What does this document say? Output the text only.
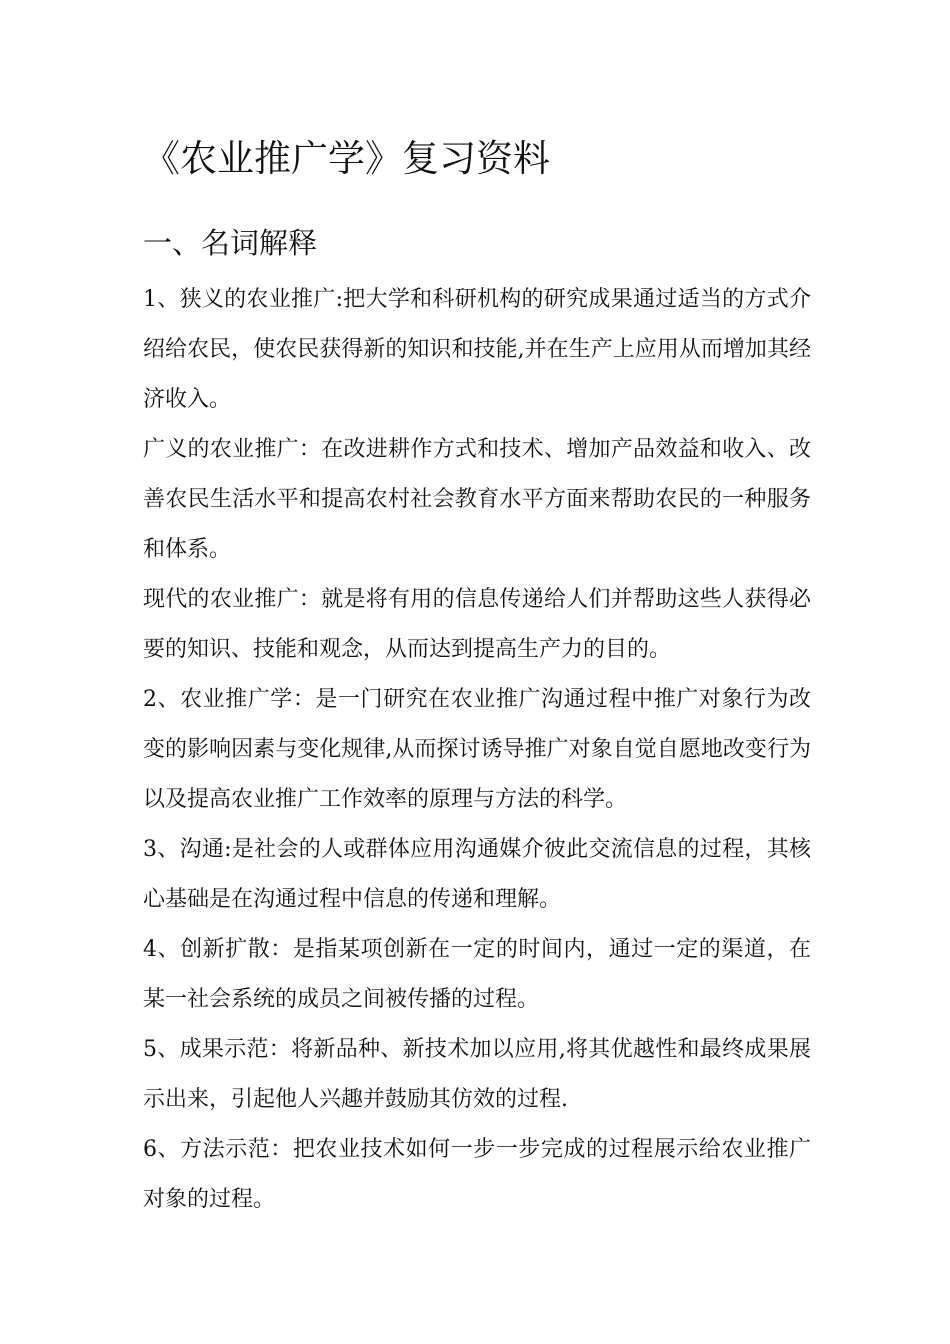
《农业推广学》复习资料
一、名词解释

1、狭义的农业推广:把大学和科研机构的研究成果通过适当的方式介绍给农民，使农民获得新的知识和技能,并在生产上应用从而增加其经济收入。

广义的农业推广：在改进耕作方式和技术、增加产品效益和收入、改善农民生活水平和提高农村社会教育水平方面来帮助农民的一种服务和体系。

现代的农业推广：就是将有用的信息传递给人们并帮助这些人获得必要的知识、技能和观念，从而达到提高生产力的目的。

2、农业推广学：是一门研究在农业推广沟通过程中推广对象行为改变的影响因素与变化规律,从而探讨诱导推广对象自觉自愿地改变行为以及提高农业推广工作效率的原理与方法的科学。

3、沟通:是社会的人或群体应用沟通媒介彼此交流信息的过程，其核心基础是在沟通过程中信息的传递和理解。

4、创新扩散：是指某项创新在一定的时间内，通过一定的渠道，在某一社会系统的成员之间被传播的过程。

5、成果示范：将新品种、新技术加以应用,将其优越性和最终成果展示出来，引起他人兴趣并鼓励其仿效的过程.

6、方法示范：把农业技术如何一步一步完成的过程展示给农业推广对象的过程。
